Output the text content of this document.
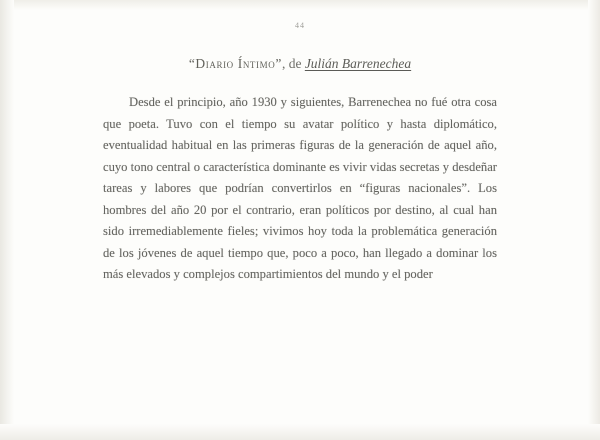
44
“Diario Íntimo”, de Julián Barrenechea
Desde el principio, año 1930 y siguientes, Barrenechea no fué otra cosa que poeta. Tuvo con el tiempo su avatar político y hasta diplomático, eventualidad habitual en las primeras figuras de la generación de aquel año, cuyo tono central o característica dominante es vivir vidas secretas y desdeñar tareas y labores que podrían convertirlos en “figuras nacionales”. Los hombres del año 20 por el contrario, eran políticos por destino, al cual han sido irremediablemente fieles; vivimos hoy toda la problemática generación de los jóvenes de aquel tiempo que, poco a poco, han llegado a dominar los más elevados y complejos compartimientos del mundo y el poder
